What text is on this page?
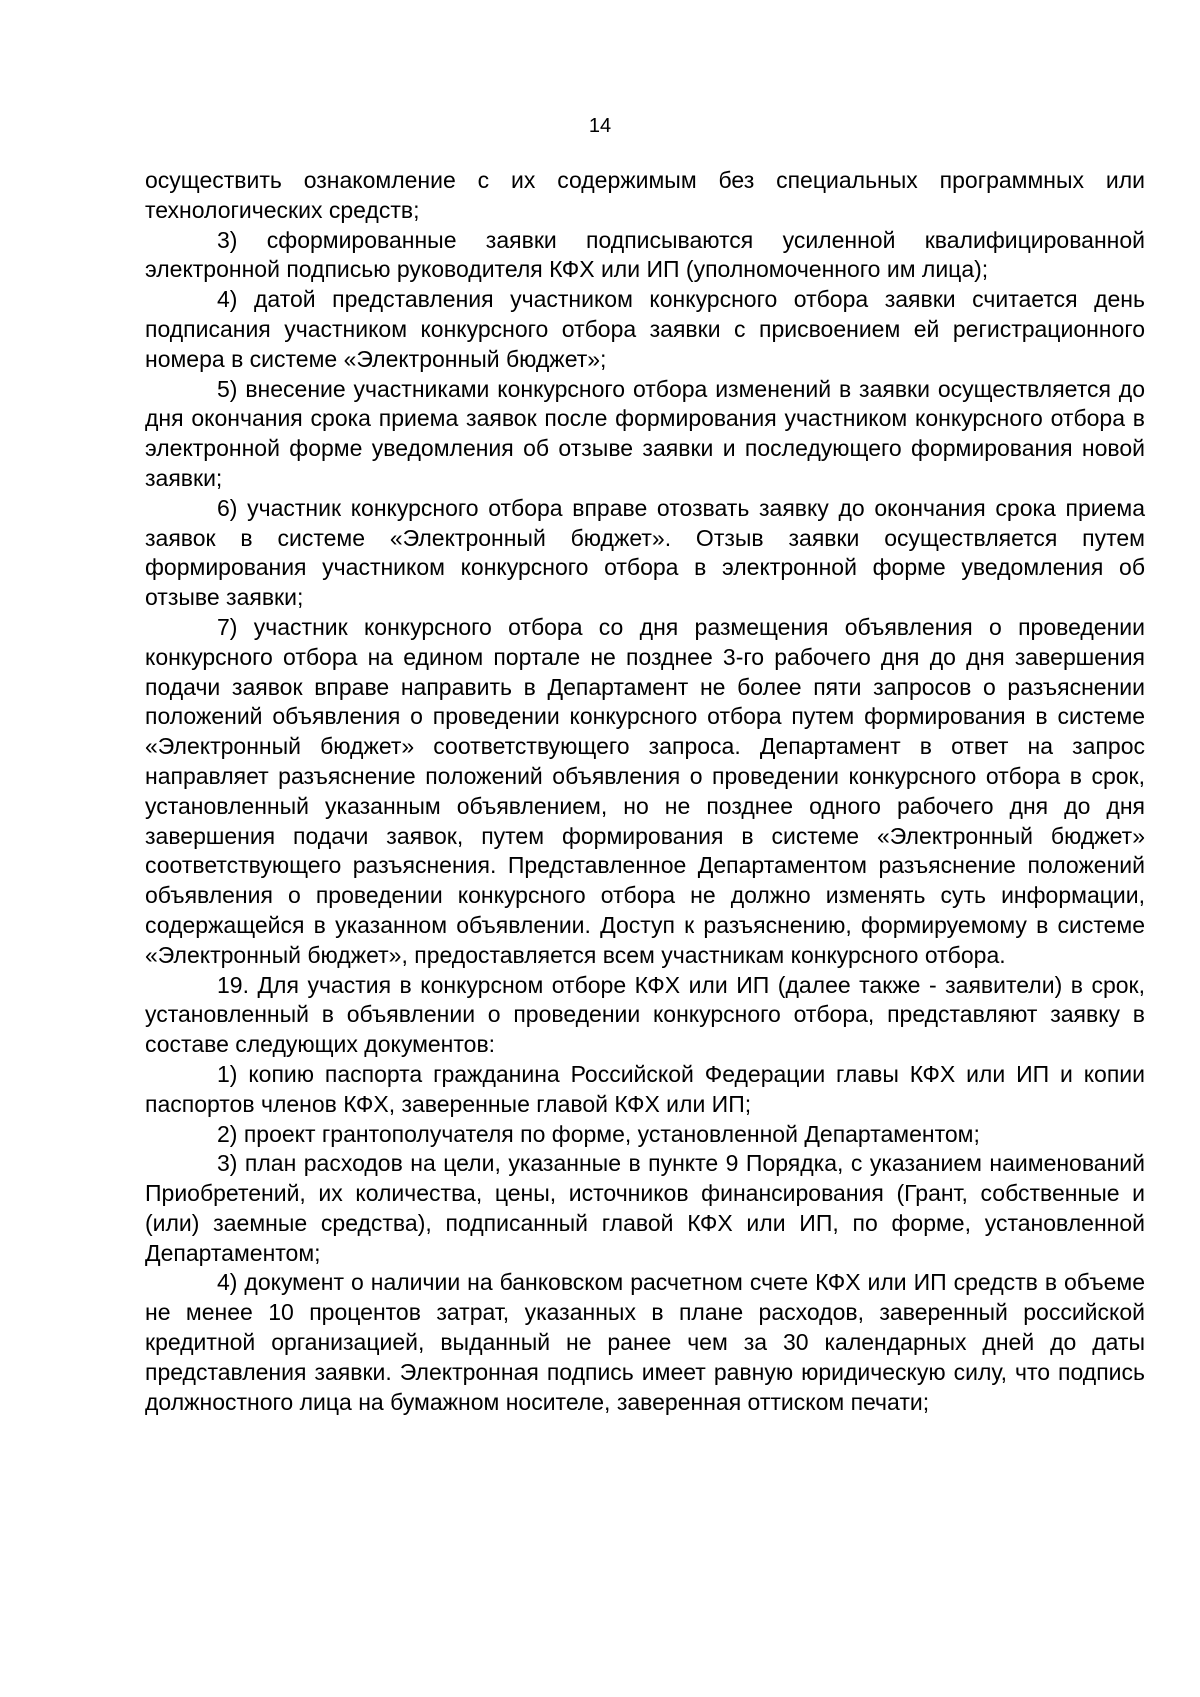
14

осуществить ознакомление с их содержимым без специальных программных или технологических средств;

3) сформированные заявки подписываются усиленной квалифицированной электронной подписью руководителя КФХ или ИП (уполномоченного им лица);

4) датой представления участником конкурсного отбора заявки считается день подписания участником конкурсного отбора заявки с присвоением ей регистрационного номера в системе «Электронный бюджет»;

5) внесение участниками конкурсного отбора изменений в заявки осуществляется до дня окончания срока приема заявок после формирования участником конкурсного отбора в электронной форме уведомления об отзыве заявки и последующего формирования новой заявки;

6) участник конкурсного отбора вправе отозвать заявку до окончания срока приема заявок в системе «Электронный бюджет». Отзыв заявки осуществляется путем формирования участником конкурсного отбора в электронной форме уведомления об отзыве заявки;

7) участник конкурсного отбора со дня размещения объявления о проведении конкурсного отбора на едином портале не позднее 3-го рабочего дня до дня завершения подачи заявок вправе направить в Департамент не более пяти запросов о разъяснении положений объявления о проведении конкурсного отбора путем формирования в системе «Электронный бюджет» соответствующего запроса. Департамент в ответ на запрос направляет разъяснение положений объявления о проведении конкурсного отбора в срок, установленный указанным объявлением, но не позднее одного рабочего дня до дня завершения подачи заявок, путем формирования в системе «Электронный бюджет» соответствующего разъяснения. Представленное Департаментом разъяснение положений объявления о проведении конкурсного отбора не должно изменять суть информации, содержащейся в указанном объявлении. Доступ к разъяснению, формируемому в системе «Электронный бюджет», предоставляется всем участникам конкурсного отбора.

19. Для участия в конкурсном отборе КФХ или ИП (далее также - заявители) в срок, установленный в объявлении о проведении конкурсного отбора, представляют заявку в составе следующих документов:

1) копию паспорта гражданина Российской Федерации главы КФХ или ИП и копии паспортов членов КФХ, заверенные главой КФХ или ИП;

2) проект грантополучателя по форме, установленной Департаментом;

3) план расходов на цели, указанные в пункте 9 Порядка, с указанием наименований Приобретений, их количества, цены, источников финансирования (Грант, собственные и (или) заемные средства), подписанный главой КФХ или ИП, по форме, установленной Департаментом;

4) документ о наличии на банковском расчетном счете КФХ или ИП средств в объеме не менее 10 процентов затрат, указанных в плане расходов, заверенный российской кредитной организацией, выданный не ранее чем за 30 календарных дней до даты представления заявки. Электронная подпись имеет равную юридическую силу, что подпись должностного лица на бумажном носителе, заверенная оттиском печати;
